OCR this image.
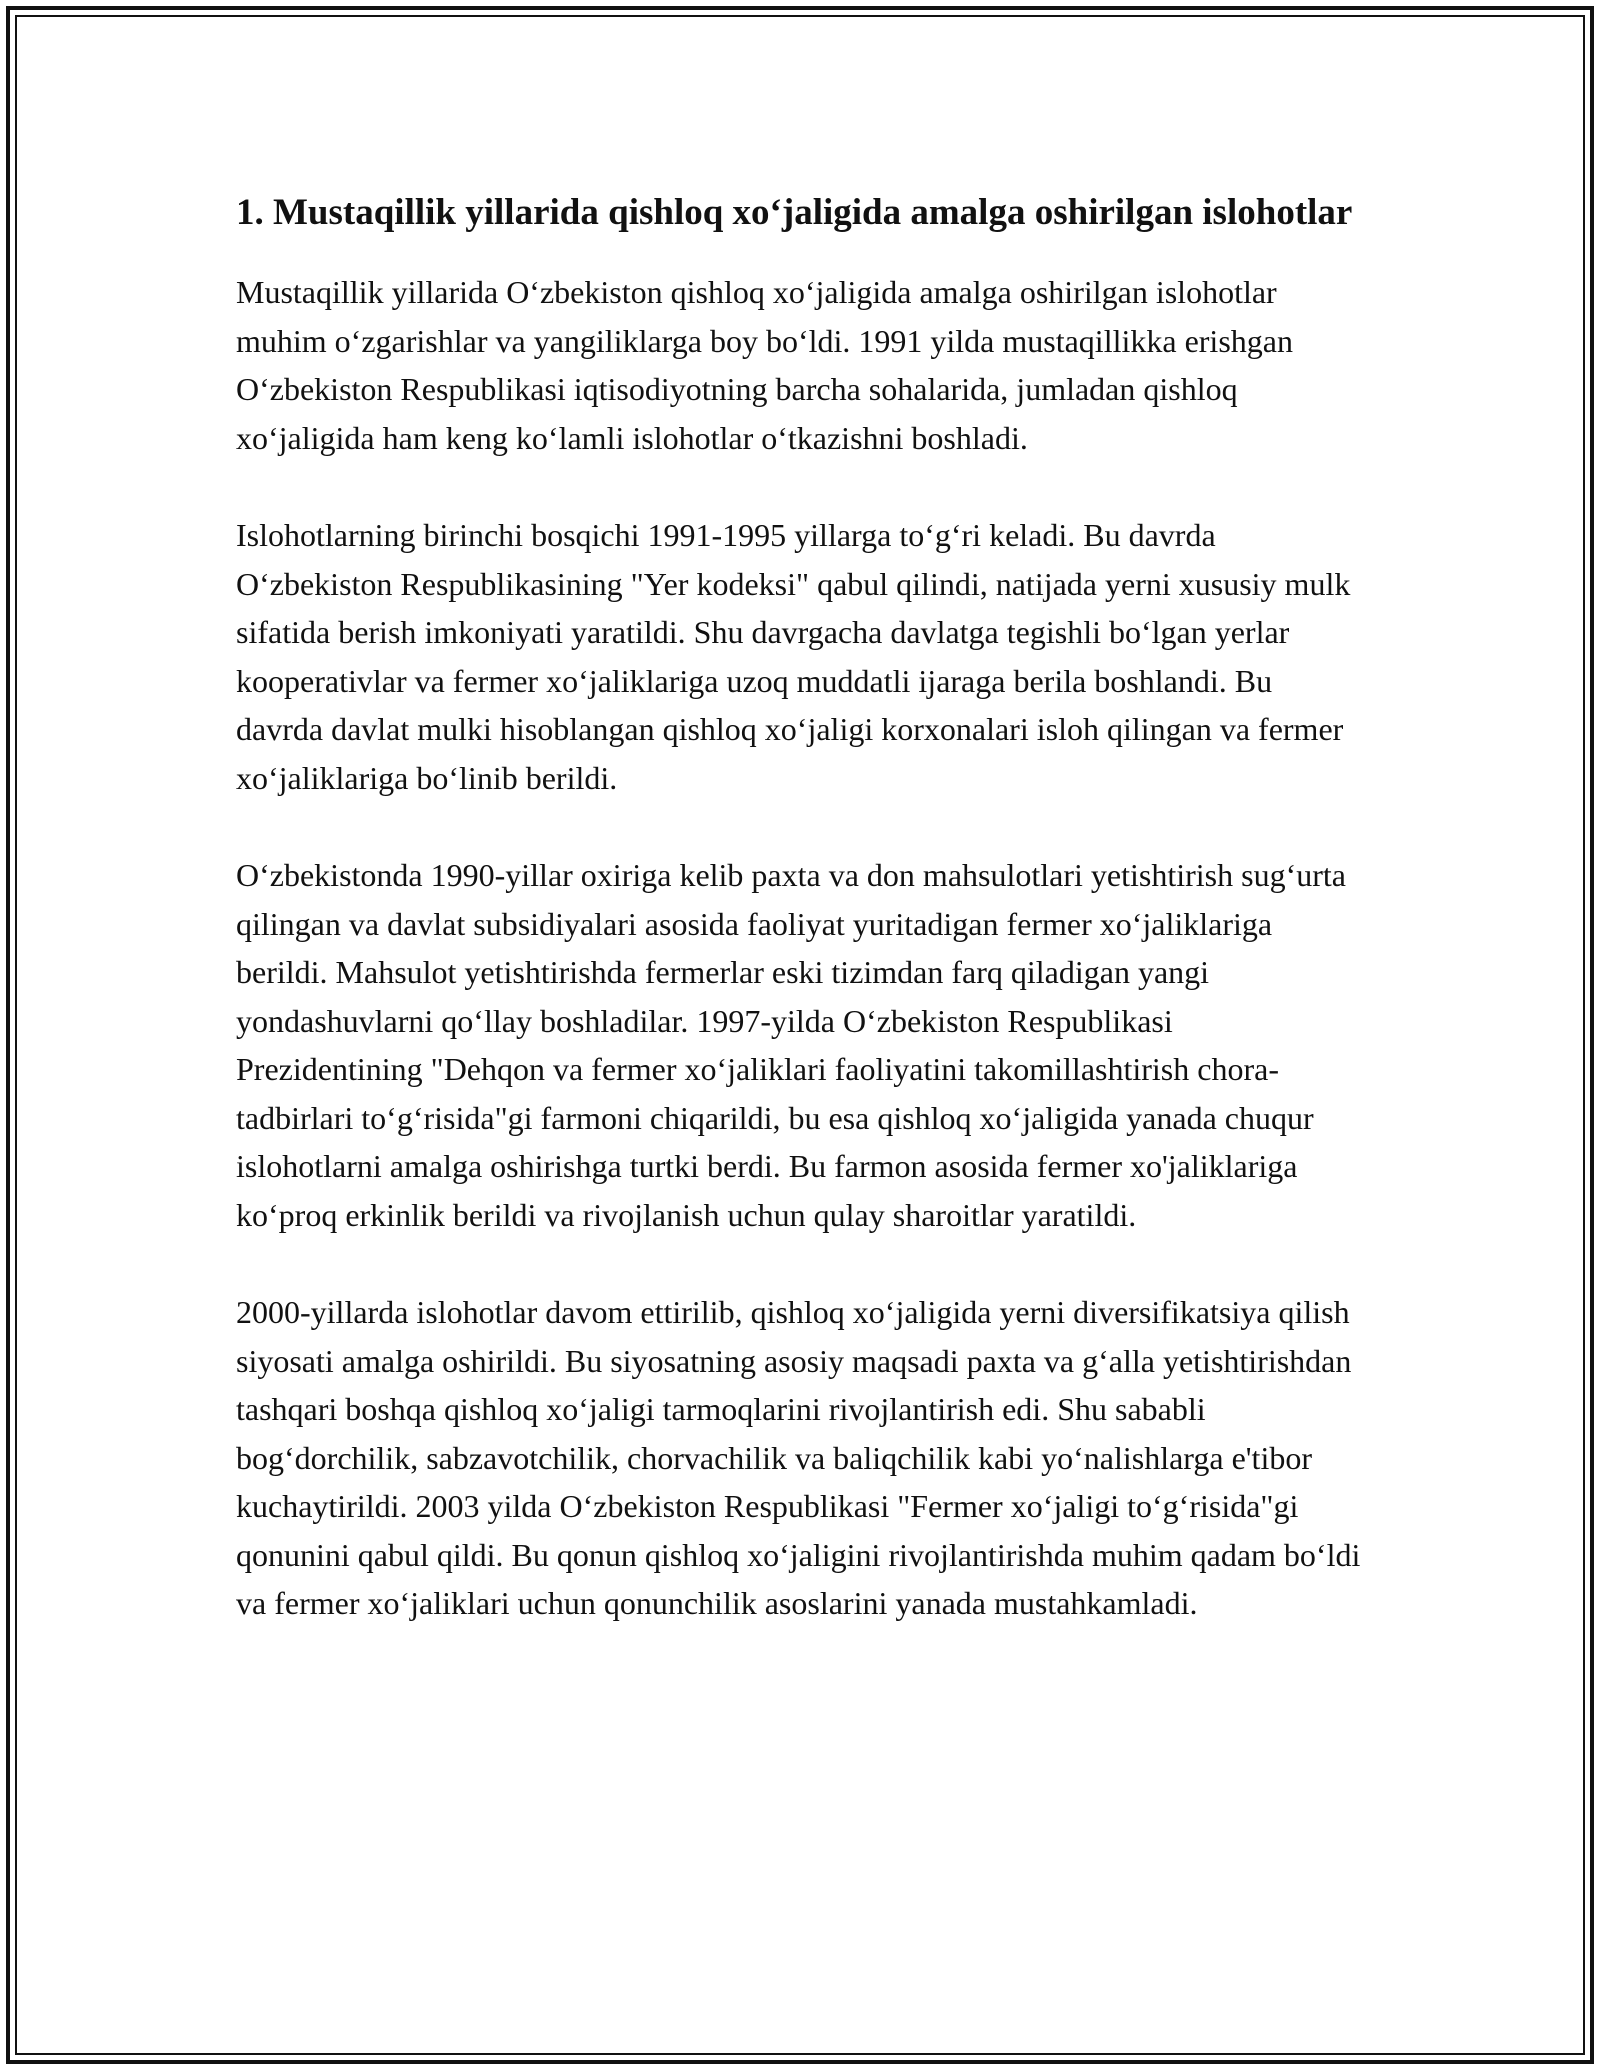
1. Mustaqillik yillarida qishloq xoʻjaligida amalga oshirilgan islohotlar

Mustaqillik yillarida Oʻzbekiston qishloq xoʻjaligida amalga oshirilgan islohotlar muhim oʻzgarishlar va yangiliklarga boy boʻldi. 1991 yilda mustaqillikka erishgan Oʻzbekiston Respublikasi iqtisodiyotning barcha sohalarida, jumladan qishloq xoʻjaligida ham keng koʻlamli islohotlar oʻtkazishni boshladi.

Islohotlarning birinchi bosqichi 1991-1995 yillarga toʻgʻri keladi. Bu davrda Oʻzbekiston Respublikasining "Yer kodeksi" qabul qilindi, natijada yerni xususiy mulk sifatida berish imkoniyati yaratildi. Shu davrgacha davlatga tegishli boʻlgan yerlar kooperativlar va fermer xoʻjaliklariga uzoq muddatli ijaraga berila boshlandi. Bu davrda davlat mulki hisoblangan qishloq xoʻjaligi korxonalari isloh qilingan va fermer xoʻjaliklariga boʻlinib berildi.

Oʻzbekistonda 1990-yillar oxiriga kelib paxta va don mahsulotlari yetishtirish sugʻurta qilingan va davlat subsidiyalari asosida faoliyat yuritadigan fermer xoʻjaliklariga berildi. Mahsulot yetishtirishda fermerlar eski tizimdan farq qiladigan yangi yondashuvlarni qoʻllay boshladilar. 1997-yilda Oʻzbekiston Respublikasi Prezidentining "Dehqon va fermer xoʻjaliklari faoliyatini takomillashtirish chora-tadbirlari toʻgʻrisida"gi farmoni chiqarildi, bu esa qishloq xoʻjaligida yanada chuqur islohotlarni amalga oshirishga turtki berdi. Bu farmon asosida fermer xo'jaliklariga koʻproq erkinlik berildi va rivojlanish uchun qulay sharoitlar yaratildi.

2000-yillarda islohotlar davom ettirilib, qishloq xoʻjaligida yerni diversifikatsiya qilish siyosati amalga oshirildi. Bu siyosatning asosiy maqsadi paxta va gʻalla yetishtirishdan tashqari boshqa qishloq xoʻjaligi tarmoqlarini rivojlantirish edi. Shu sababli bogʻdorchilik, sabzavotchilik, chorvachilik va baliqchilik kabi yoʻnalishlarga e'tibor kuchaytirildi. 2003 yilda Oʻzbekiston Respublikasi "Fermer xoʻjaligi toʻgʻrisida"gi qonunini qabul qildi. Bu qonun qishloq xoʻjaligini rivojlantirishda muhim qadam boʻldi va fermer xoʻjaliklari uchun qonunchilik asoslarini yanada mustahkamladi.
